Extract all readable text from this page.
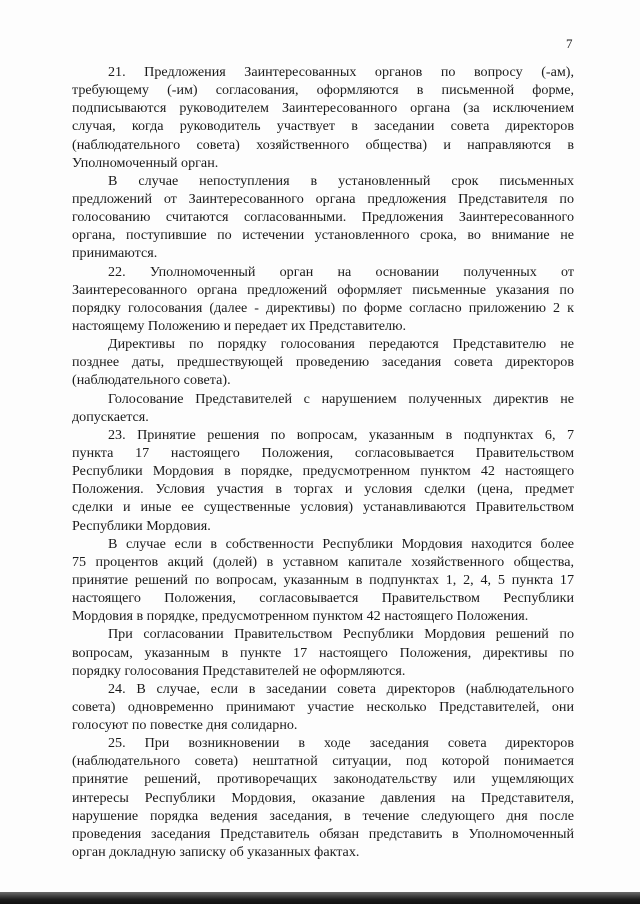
7
21. Предложения Заинтересованных органов по вопросу (-ам),
требующему (-им) согласования, оформляются в письменной форме,
подписываются руководителем Заинтересованного органа (за исключением
случая, когда руководитель участвует в заседании совета директоров
(наблюдательного совета) хозяйственного общества) и направляются в
Уполномоченный орган.
В случае непоступления в установленный срок письменных
предложений от Заинтересованного органа предложения Представителя по
голосованию считаются согласованными. Предложения Заинтересованного
органа, поступившие по истечении установленного срока, во внимание не
принимаются.
22. Уполномоченный орган на основании полученных от
Заинтересованного органа предложений оформляет письменные указания по
порядку голосования (далее - директивы) по форме согласно приложению 2 к
настоящему Положению и передает их Представителю.
Директивы по порядку голосования передаются Представителю не
позднее даты, предшествующей проведению заседания совета директоров
(наблюдательного совета).
Голосование Представителей с нарушением полученных директив не
допускается.
23. Принятие решения по вопросам, указанным в подпунктах 6, 7
пункта 17 настоящего Положения, согласовывается Правительством
Республики Мордовия в порядке, предусмотренном пунктом 42 настоящего
Положения. Условия участия в торгах и условия сделки (цена, предмет
сделки и иные ее существенные условия) устанавливаются Правительством
Республики Мордовия.
В случае если в собственности Республики Мордовия находится более
75 процентов акций (долей) в уставном капитале хозяйственного общества,
принятие решений по вопросам, указанным в подпунктах 1, 2, 4, 5 пункта 17
настоящего Положения, согласовывается Правительством Республики
Мордовия в порядке, предусмотренном пунктом 42 настоящего Положения.
При согласовании Правительством Республики Мордовия решений по
вопросам, указанным в пункте 17 настоящего Положения, директивы по
порядку голосования Представителей не оформляются.
24. В случае, если в заседании совета директоров (наблюдательного
совета) одновременно принимают участие несколько Представителей, они
голосуют по повестке дня солидарно.
25. При возникновении в ходе заседания совета директоров
(наблюдательного совета) нештатной ситуации, под которой понимается
принятие решений, противоречащих законодательству или ущемляющих
интересы Республики Мордовия, оказание давления на Представителя,
нарушение порядка ведения заседания, в течение следующего дня после
проведения заседания Представитель обязан представить в Уполномоченный
орган докладную записку об указанных фактах.
